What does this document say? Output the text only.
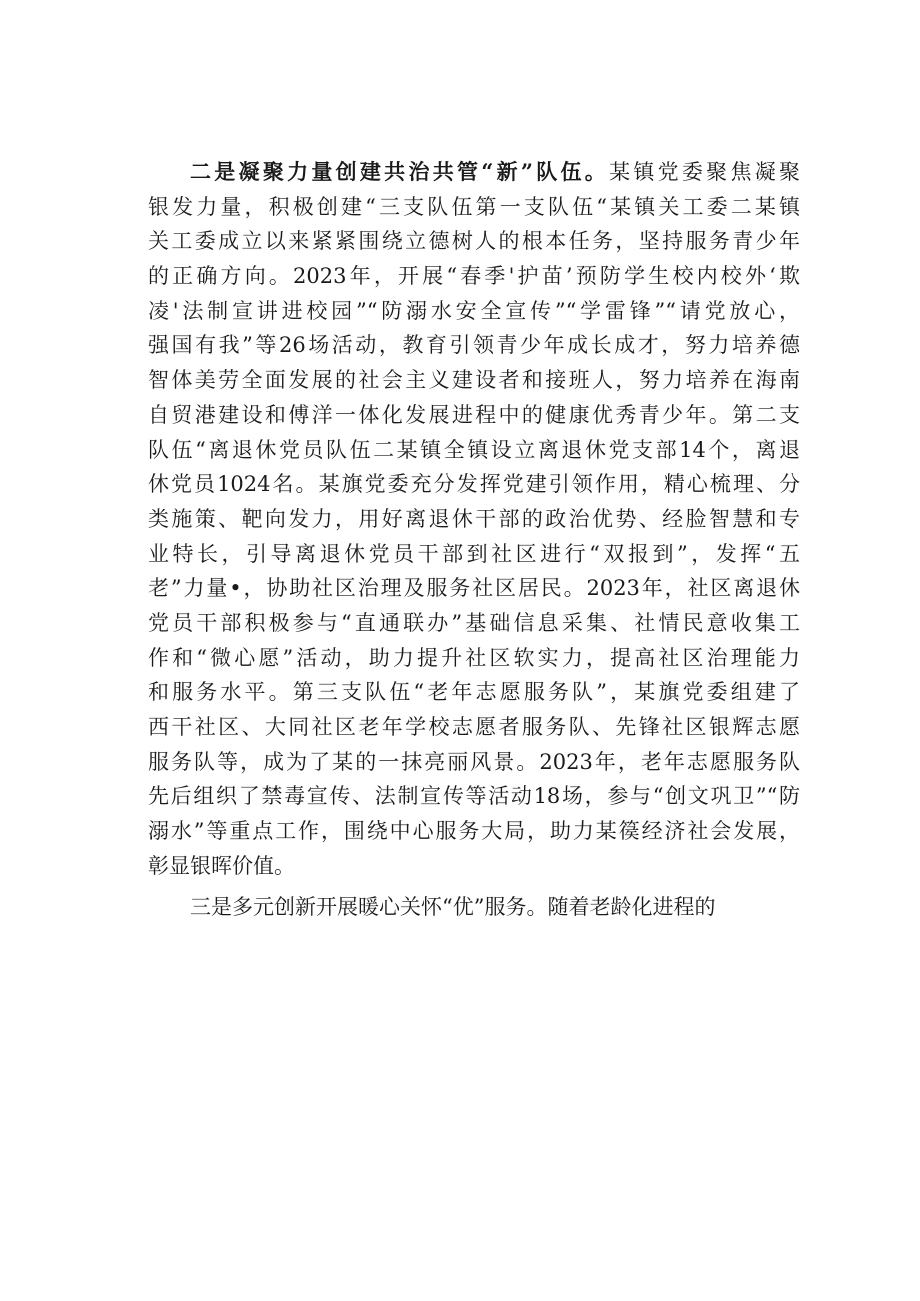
二是凝聚力量创建共治共管“新”队伍。某镇党委聚焦凝聚
银发力量，积极创建“三支队伍第一支队伍“某镇关工委二某镇
关工委成立以来紧紧围绕立德树人的根本任务，坚持服务青少年
的正确方向。2023年，开展“春季'护苗’预防学生校内校外‘欺
凌'法制宣讲进校园”“防溺水安全宣传”“学雷锋”“请党放心，
强国有我”等26场活动，教育引领青少年成长成才，努力培养德
智体美劳全面发展的社会主义建设者和接班人，努力培养在海南
自贸港建设和傅洋一体化发展进程中的健康优秀青少年。第二支
队伍“离退休党员队伍二某镇全镇设立离退休党支部14个，离退
休党员1024名。某旗党委充分发挥党建引领作用，精心梳理、分
类施策、靶向发力，用好离退休干部的政治优势、经脸智慧和专
业特长，引导离退休党员干部到社区进行“双报到”，发挥“五
老”力量•，协助社区治理及服务社区居民。2023年，社区离退休
党员干部积极参与“直通联办”基础信息采集、社情民意收集工
作和“微心愿”活动，助力提升社区软实力，提高社区治理能力
和服务水平。第三支队伍“老年志愿服务队”，某旗党委组建了
西干社区、大同社区老年学校志愿者服务队、先锋社区银辉志愿
服务队等，成为了某的一抹亮丽风景。2023年，老年志愿服务队
先后组织了禁毒宣传、法制宣传等活动18场，参与“创文巩卫”“防
溺水”等重点工作，围绕中心服务大局，助力某篌经济社会发展，
彰显银晖价值。
三是多元创新开展暖心关怀“优”服务。随着老龄化进程的
